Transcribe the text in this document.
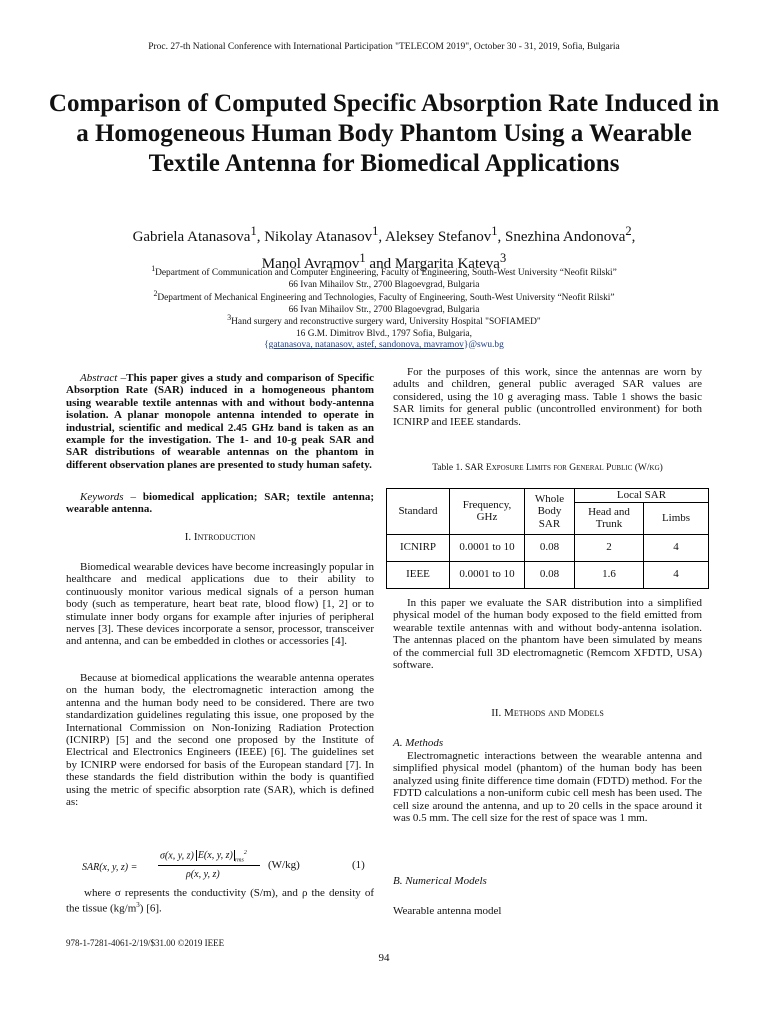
Proc. 27-th National Conference with International Participation "TELECOM 2019", October 30 - 31, 2019, Sofia, Bulgaria
Comparison of Computed Specific Absorption Rate Induced in a Homogeneous Human Body Phantom Using a Wearable Textile Antenna for Biomedical Applications
Gabriela Atanasova$^1$, Nikolay Atanasov$^1$, Aleksey Stefanov$^1$, Snezhina Andonova$^2$,
Manol Avramov$^1$ and Margarita Kateva$^3$
$^1$Department of Communication and Computer Engineering, Faculty of Engineering, South-West University “Neofit Rilski”
66 Ivan Mihailov Str., 2700 Blagoevgrad, Bulgaria
$^2$Department of Mechanical Engineering and Technologies, Faculty of Engineering, South-West University “Neofit Rilski”
66 Ivan Mihailov Str., 2700 Blagoevgrad, Bulgaria
$^3$Hand surgery and reconstructive surgery ward, University Hospital "SOFIAMED"
16 G.M. Dimitrov Blvd., 1797 Sofia, Bulgaria,
{gatanasova, natanasov, astef, sandonova, mavramov}@swu.bg
Abstract –This paper gives a study and comparison of Specific Absorption Rate (SAR) induced in a homogeneous phantom using wearable textile antennas with and without body-antenna isolation. A planar monopole antenna intended to operate in industrial, scientific and medical 2.45 GHz band is taken as an example for the investigation. The 1- and 10-g peak SAR and SAR distributions of wearable antennas on the phantom in different observation planes are presented to study human safety.
Keywords – biomedical application; SAR; textile antenna; wearable antenna.
I. Introduction
Biomedical wearable devices have become increasingly popular in healthcare and medical applications due to their ability to continuously monitor various medical signals of a person human body (such as temperature, heart beat rate, blood flow) [1, 2] or to stimulate inner body organs for example after injuries of peripheral nerves [3]. These devices incorporate a sensor, processor, transceiver and antenna, and can be embedded in clothes or accessories [4].
Because at biomedical applications the wearable antenna operates on the human body, the electromagnetic interaction among the antenna and the human body need to be considered. There are two standardization guidelines regulating this issue, one proposed by the International Commission on Non-Ionizing Radiation Protection (ICNIRP) [5] and the second one proposed by the Institute of Electrical and Electronics Engineers (IEEE) [6]. The guidelines set by ICNIRP were endorsed for basis of the European standard [7]. In these standards the field distribution within the body is quantified using the metric of specific absorption rate (SAR), which is defined as:
SAR(x, y, z) =
σ(x, y, z) E(x, y, z) $_{rms}^2$
ρ(x, y, z)
(W/kg)	(1)
where σ represents the conductivity (S/m), and ρ the density of the tissue $(kg/m^3)$ [6].
For the purposes of this work, since the antennas are worn by adults and children, general public averaged SAR values are considered, using the 10 g averaging mass. Table 1 shows the basic SAR limits for general public (uncontrolled environment) for both ICNIRP and IEEE standards.
Table 1. SAR Exposure Limits for General Public (W/kg)
Standard	Frequency, GHz	Whole Body SAR	Local SAR	
			Head and Trunk	Limbs
ICNIRP	0.0001 to 10	0.08	2	4
IEEE	0.0001 to 10	0.08	1.6	4
In this paper we evaluate the SAR distribution into a simplified physical model of the human body exposed to the field emitted from wearable textile antennas with and without body-antenna isolation. The antennas placed on the phantom have been simulated by means of the commercial full 3D electromagnetic (Remcom XFDTD, USA) software.
II. Methods and Models
A. Methods
Electromagnetic interactions between the wearable antenna and simplified physical model (phantom) of the human body has been analyzed using finite difference time domain (FDTD) method. For the FDTD calculations a non-uniform cubic cell mesh has been used. The cell size around the antenna, and up to 20 cells in the space around it was 0.5 mm. The cell size for the rest of space was 1 mm.
B. Numerical Models
Wearable antenna model
978-1-7281-4061-2/19/$31.00 ©2019 IEEE
94
